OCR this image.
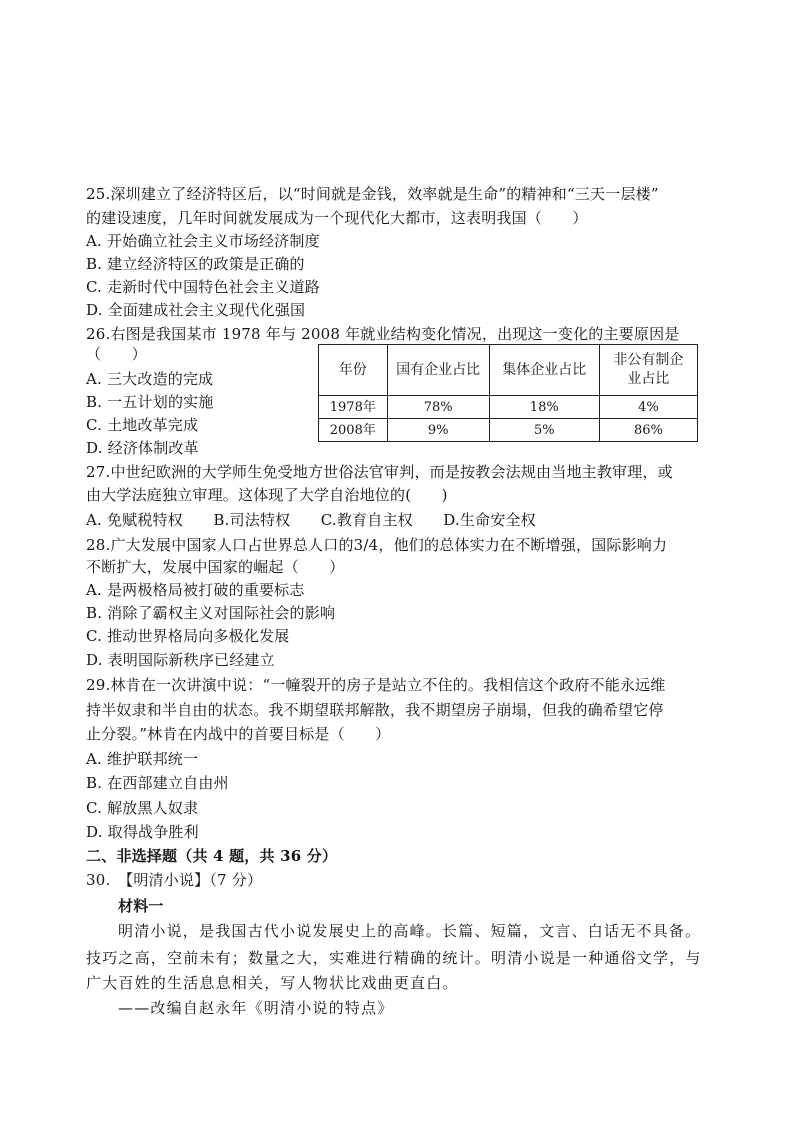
25.深圳建立了经济特区后，以“时间就是金钱，效率就是生命”的精神和“三天一层楼”
的建设速度，几年时间就发展成为一个现代化大都市，这表明我国（　　）
A. 开始确立社会主义市场经济制度
B. 建立经济特区的政策是正确的
C. 走新时代中国特色社会主义道路
D. 全面建成社会主义现代化强国
26.右图是我国某市 1978 年与 2008 年就业结构变化情况，出现这一变化的主要原因是
（　　）
A. 三大改造的完成
B. 一五计划的实施
C. 土地改革完成
D. 经济体制改革
年份	国有企业占比	集体企业占比	非公有制企
业占比
1978年	78%	18%	4%
2008年	9%	5%	86%
27.中世纪欧洲的大学师生免受地方世俗法官审判，而是按教会法规由当地主教审理，或
由大学法庭独立审理。这体现了大学自治地位的(　　)
A. 免赋税特权　　B.司法特权　　C.教育自主权　　D.生命安全权
28.广大发展中国家人口占世界总人口的3/4，他们的总体实力在不断增强，国际影响力
不断扩大，发展中国家的崛起（　　）
A. 是两极格局被打破的重要标志
B. 消除了霸权主义对国际社会的影响
C. 推动世界格局向多极化发展
D. 表明国际新秩序已经建立
29.林肯在一次讲演中说：“一幢裂开的房子是站立不住的。我相信这个政府不能永远维
持半奴隶和半自由的状态。我不期望联邦解散，我不期望房子崩塌，但我的确希望它停
止分裂。”林肯在内战中的首要目标是（　　）
A. 维护联邦统一
B. 在西部建立自由州
C. 解放黑人奴隶
D. 取得战争胜利
二、非选择题（共 4 题，共 36 分）
30.　【明清小说】（7 分）
材料一
明清小说，是我国古代小说发展史上的高峰。长篇、短篇，文言、白话无不具备。
技巧之高，空前未有；数量之大，实难进行精确的统计。明清小说是一种通俗文学，与
广大百姓的生活息息相关，写人物状比戏曲更直白。
——改编自赵永年《明清小说的特点》
